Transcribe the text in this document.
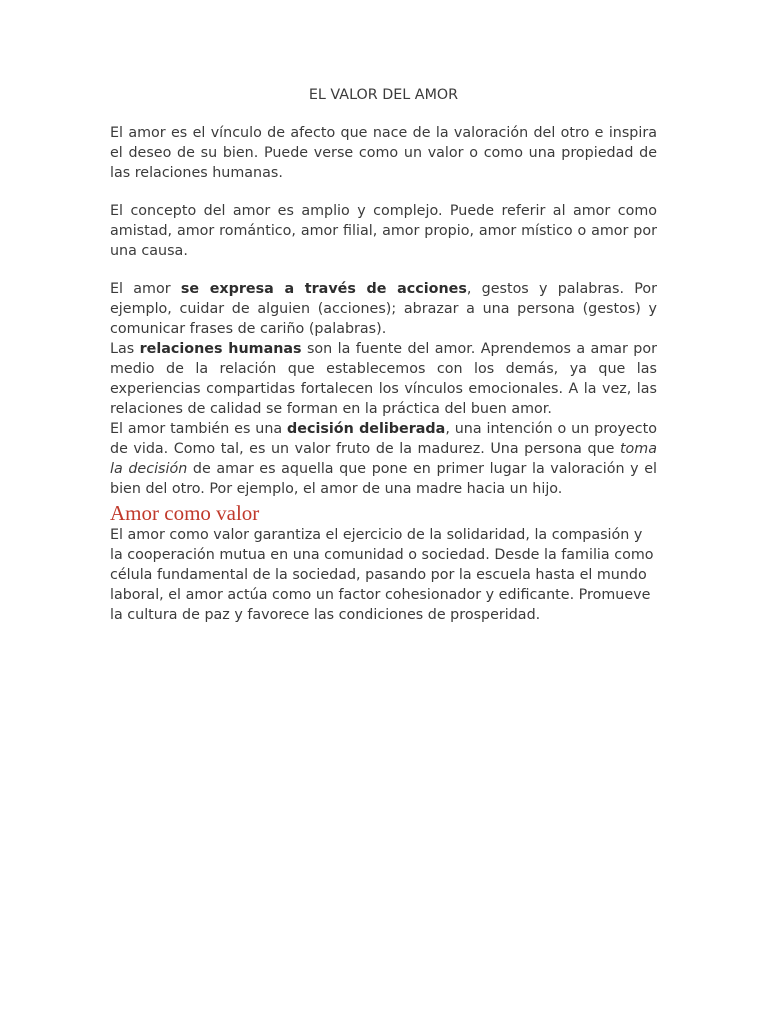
EL VALOR DEL AMOR

El amor es el vínculo de afecto que nace de la valoración del otro e inspira el deseo de su bien. Puede verse como un valor o como una propiedad de las relaciones humanas.

El concepto del amor es amplio y complejo. Puede referir al amor como amistad, amor romántico, amor filial, amor propio, amor místico o amor por una causa.

El amor se expresa a través de acciones, gestos y palabras. Por ejemplo, cuidar de alguien (acciones); abrazar a una persona (gestos) y comunicar frases de cariño (palabras).

Las relaciones humanas son la fuente del amor. Aprendemos a amar por medio de la relación que establecemos con los demás, ya que las experiencias compartidas fortalecen los vínculos emocionales. A la vez, las relaciones de calidad se forman en la práctica del buen amor.

El amor también es una decisión deliberada, una intención o un proyecto de vida. Como tal, es un valor fruto de la madurez. Una persona que toma la decisión de amar es aquella que pone en primer lugar la valoración y el bien del otro. Por ejemplo, el amor de una madre hacia un hijo.

Amor como valor

El amor como valor garantiza el ejercicio de la solidaridad, la compasión y la cooperación mutua en una comunidad o sociedad. Desde la familia como célula fundamental de la sociedad, pasando por la escuela hasta el mundo laboral, el amor actúa como un factor cohesionador y edificante. Promueve la cultura de paz y favorece las condiciones de prosperidad.
